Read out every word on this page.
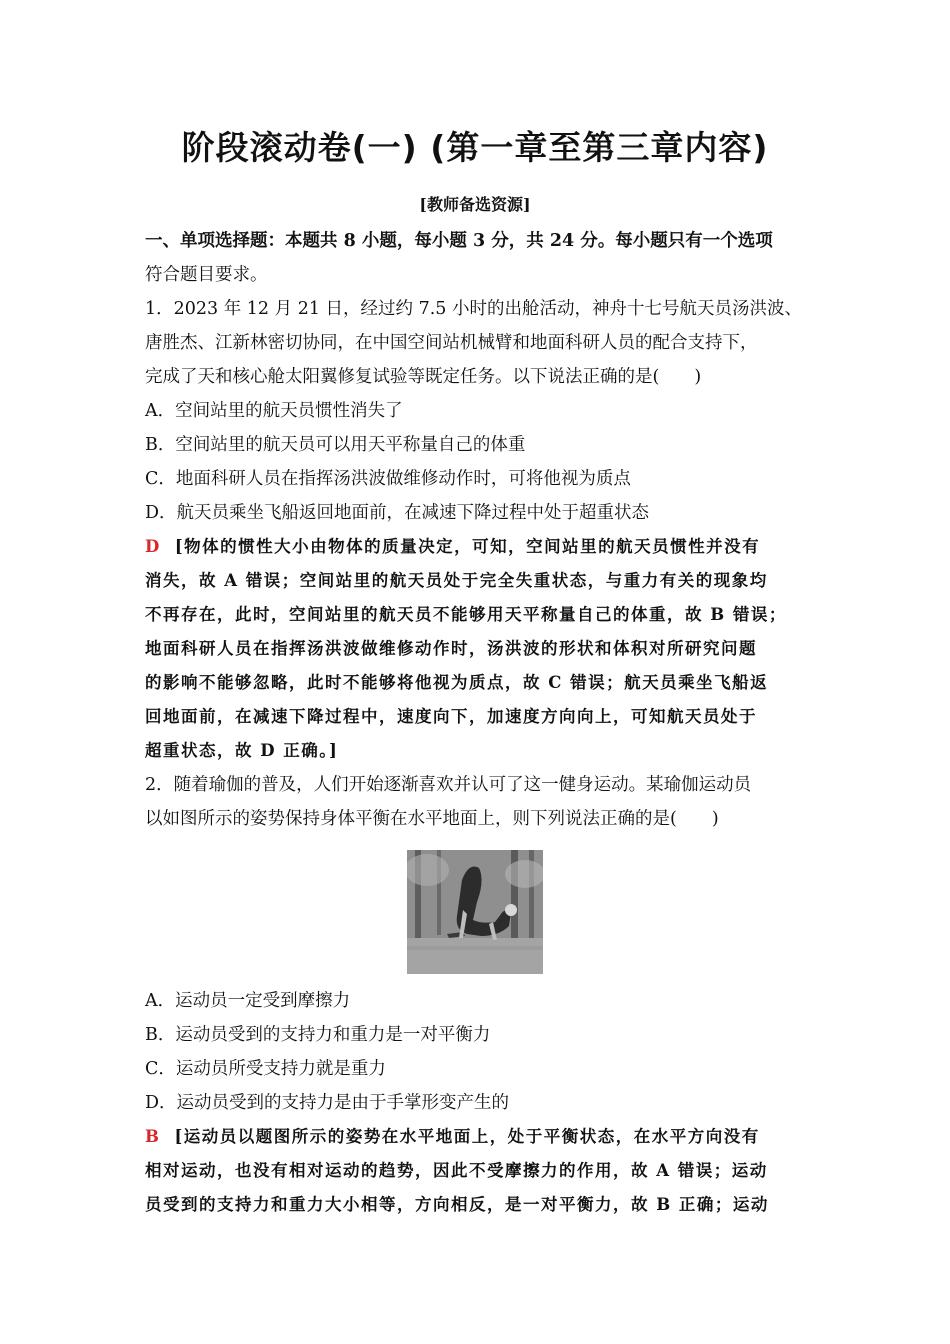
阶段滚动卷(一) (第一章至第三章内容)
[教师备选资源]
一、单项选择题：本题共 8 小题，每小题 3 分，共 24 分。每小题只有一个选项
符合题目要求。
1．2023 年 12 月 21 日，经过约 7.5 小时的出舱活动，神舟十七号航天员汤洪波、
唐胜杰、江新林密切协同，在中国空间站机械臂和地面科研人员的配合支持下，
完成了天和核心舱太阳翼修复试验等既定任务。以下说法正确的是(　　)
A．空间站里的航天员惯性消失了
B．空间站里的航天员可以用天平称量自己的体重
C．地面科研人员在指挥汤洪波做维修动作时，可将他视为质点
D．航天员乘坐飞船返回地面前，在减速下降过程中处于超重状态
D [物体的惯性大小由物体的质量决定，可知，空间站里的航天员惯性并没有
消失，故 A 错误；空间站里的航天员处于完全失重状态，与重力有关的现象均
不再存在，此时，空间站里的航天员不能够用天平称量自己的体重，故 B 错误；
地面科研人员在指挥汤洪波做维修动作时，汤洪波的形状和体积对所研究问题
的影响不能够忽略，此时不能够将他视为质点，故 C 错误；航天员乘坐飞船返
回地面前，在减速下降过程中，速度向下，加速度方向向上，可知航天员处于
超重状态，故 D 正确。]
2．随着瑜伽的普及，人们开始逐渐喜欢并认可了这一健身运动。某瑜伽运动员
以如图所示的姿势保持身体平衡在水平地面上，则下列说法正确的是(　　)
A．运动员一定受到摩擦力
B．运动员受到的支持力和重力是一对平衡力
C．运动员所受支持力就是重力
D．运动员受到的支持力是由于手掌形变产生的
B [运动员以题图所示的姿势在水平地面上，处于平衡状态，在水平方向没有
相对运动，也没有相对运动的趋势，因此不受摩擦力的作用，故 A 错误；运动
员受到的支持力和重力大小相等，方向相反，是一对平衡力，故 B 正确；运动
